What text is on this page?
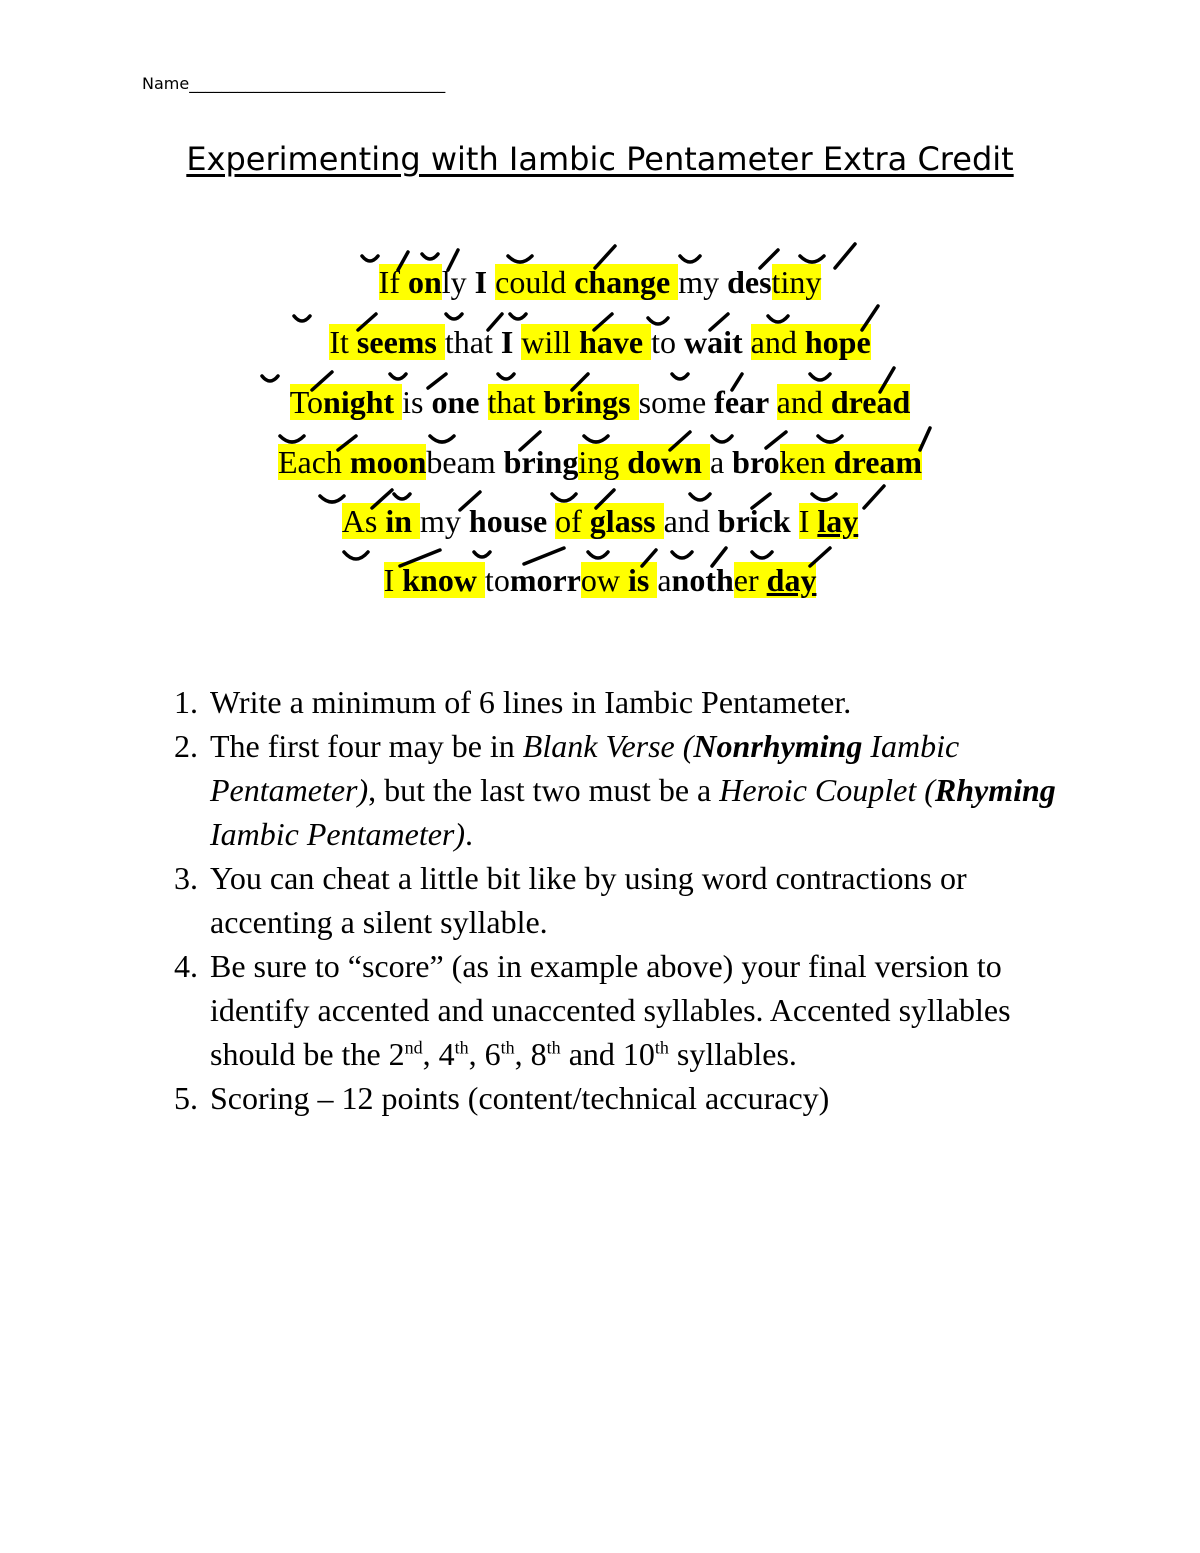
Name________________________________
Experimenting with Iambic Pentameter Extra Credit
If only I could change my destiny
It seems that I will have to wait and hope
Tonight is one that brings some fear and dread
Each moonbeam bringing down a broken dream
As in my house of glass and brick I lay
I know tomorrow is another day
1. Write a minimum of 6 lines in Iambic Pentameter.
2. The first four may be in Blank Verse (Nonrhyming Iambic Pentameter), but the last two must be a Heroic Couplet (Rhyming Iambic Pentameter).
3. You can cheat a little bit like by using word contractions or accenting a silent syllable.
4. Be sure to “score” (as in example above) your final version to identify accented and unaccented syllables. Accented syllables should be the 2nd, 4th, 6th, 8th and 10th syllables.
5. Scoring – 12 points (content/technical accuracy)
